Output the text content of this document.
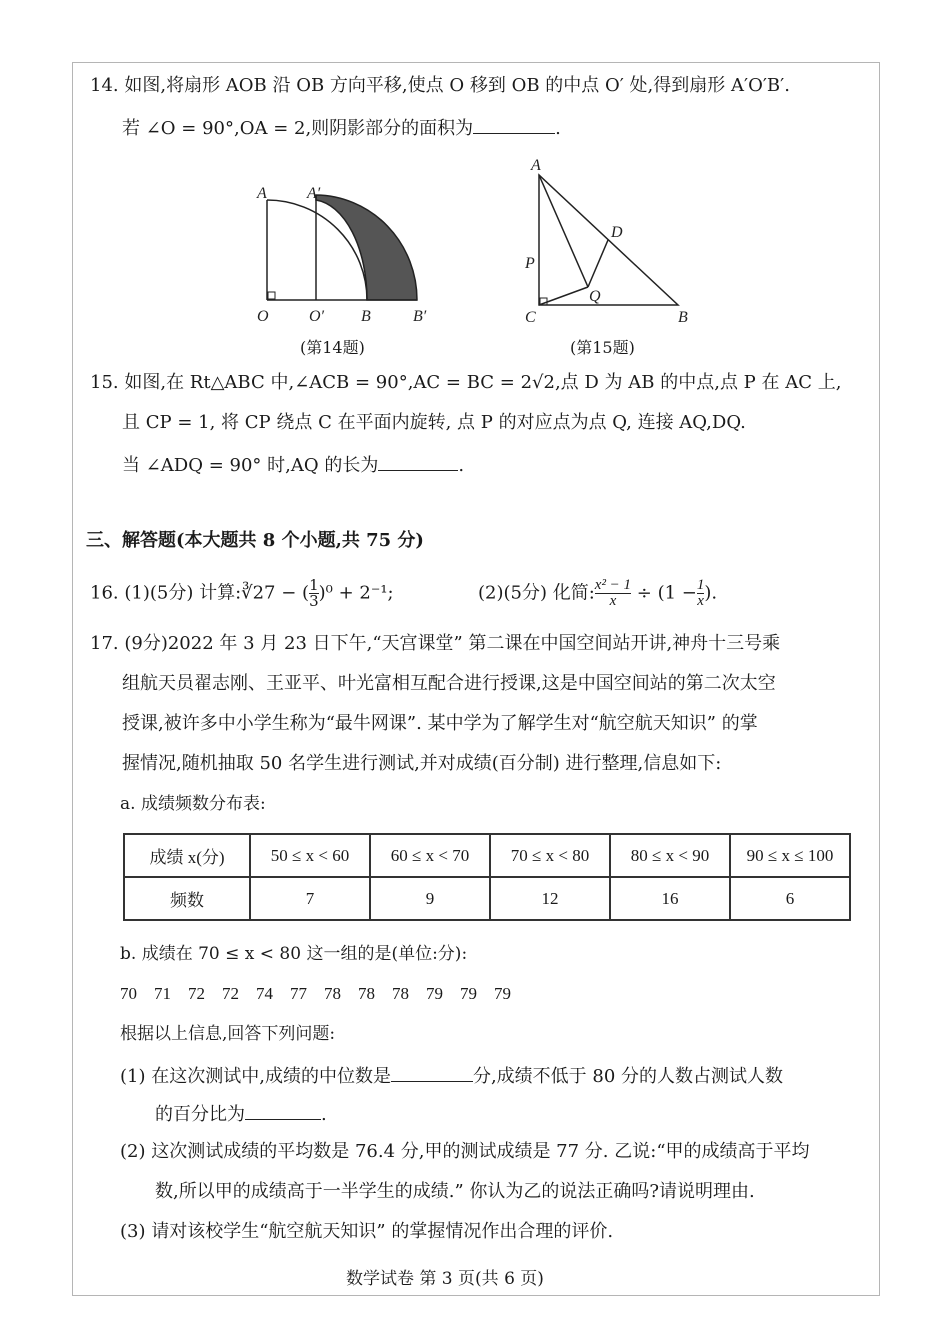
14. 如图,将扇形 AOB 沿 OB 方向平移,使点 O 移到 OB 的中点 O′ 处,得到扇形 A′O′B′.
若 ∠O = 90°,OA = 2,则阴影部分的面积为	.
A	A′
O	O′ B	B′
(第14题)
A
D
P
Q
C	B
(第15题)
15. 如图,在 Rt△ABC 中,∠ACB = 90°,AC = BC = 2√2,点 D 为 AB 的中点,点 P 在 AC 上,
且 CP = 1, 将 CP 绕点 C 在平面内旋转, 点 P 的对应点为点 Q, 连接 AQ,DQ.
当 ∠ADQ = 90° 时,AQ 的长为	.
三、解答题(本大题共 8 个小题,共 75 分)
16. (1)(5分) 计算:∛27 − ( $\frac{1}{3} )^0 + 2^{-1}$;	(2)(5分) 化简: $\frac{\text{x² − 1}}{x} \div (1 - \frac{1}{x}$ ).
17. (9分)2022 年 3 月 23 日下午,“天宫课堂” 第二课在中国空间站开讲,神舟十三号乘
组航天员翟志刚、王亚平、叶光富相互配合进行授课,这是中国空间站的第二次太空
授课,被许多中小学生称为“最牛网课”. 某中学为了解学生对“航空航天知识” 的掌
握情况,随机抽取 50 名学生进行测试,并对成绩(百分制) 进行整理,信息如下:
a. 成绩频数分布表:
成绩 x(分)	50 ≤ x < 60	60 ≤ x < 70	70 ≤ x < 80	80 ≤ x < 90	90 ≤ x ≤ 100
频数	7	9	12	16	6
b. 成绩在 70 ≤ x < 80 这一组的是(单位:分):
70 71 72 72 74 77 78 78 78 79 79 79
根据以上信息,回答下列问题:
(1) 在这次测试中,成绩的中位数是	分,成绩不低于 80 分的人数占测试人数
的百分比为	.
(2) 这次测试成绩的平均数是 76.4 分,甲的测试成绩是 77 分. 乙说:“甲的成绩高于平均
数,所以甲的成绩高于一半学生的成绩.” 你认为乙的说法正确吗?请说明理由.
(3) 请对该校学生“航空航天知识” 的掌握情况作出合理的评价.
数学试卷 第 3 页(共 6 页)
